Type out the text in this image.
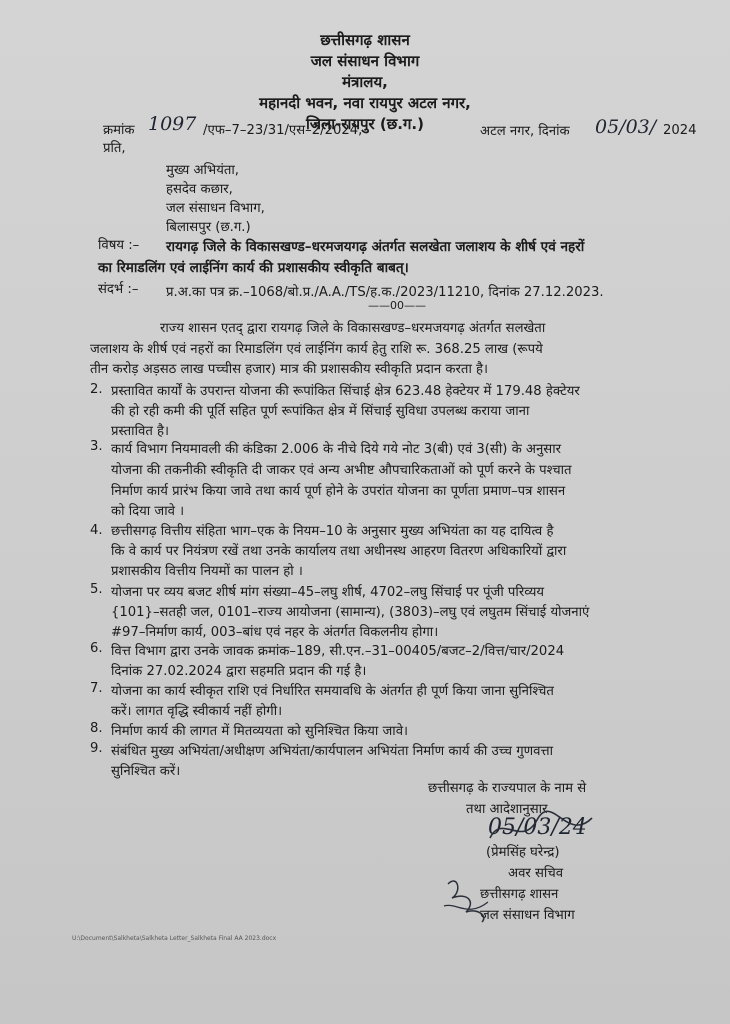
छत्तीसगढ़ शासन
जल संसाधन विभाग
मंत्रालय,
महानदी भवन, नवा रायपुर अटल नगर,
जिला-रायपुर (छ.ग.)
क्रमांक 1097 /एफ–7–23/31/एस–2/2024,	अटल नगर, दिनांक 05/03/ 2024
प्रति,
मुख्य अभियंता,
हसदेव कछार,
जल संसाधन विभाग,
बिलासपुर (छ.ग.)
विषय :– रायगढ़ जिले के विकासखण्ड–धरमजयगढ़ अंतर्गत सलखेता जलाशय के शीर्ष एवं नहरों
का रिमाडलिंग एवं लाईनिंग कार्य की प्रशासकीय स्वीकृति बाबत्।
संदर्भ :– प्र.अ.का पत्र क्र.–1068/बो.प्र./A.A./TS/ह.क./2023/11210, दिनांक 27.12.2023.
——00——
राज्य शासन एतद् द्वारा रायगढ़ जिले के विकासखण्ड–धरमजयगढ़ अंतर्गत सलखेता
जलाशय के शीर्ष एवं नहरों का रिमाडलिंग एवं लाईनिंग कार्य हेतु राशि रू. 368.25 लाख (रूपये
तीन करोड़ अड़सठ लाख पच्चीस हजार) मात्र की प्रशासकीय स्वीकृति प्रदान करता है।
2. प्रस्तावित कार्यों के उपरान्त योजना की रूपांकित सिंचाई क्षेत्र 623.48 हेक्टेयर में 179.48 हेक्टेयर
की हो रही कमी की पूर्ति सहित पूर्ण रूपांकित क्षेत्र में सिंचाई सुविधा उपलब्ध कराया जाना
प्रस्तावित है।
3. कार्य विभाग नियमावली की कंडिका 2.006 के नीचे दिये गये नोट 3(बी) एवं 3(सी) के अनुसार
योजना की तकनीकी स्वीकृति दी जाकर एवं अन्य अभीष्ट औपचारिकताओं को पूर्ण करने के पश्चात
निर्माण कार्य प्रारंभ किया जावे तथा कार्य पूर्ण होने के उपरांत योजना का पूर्णता प्रमाण–पत्र शासन
को दिया जावे ।
4. छत्तीसगढ़ वित्तीय संहिता भाग–एक के नियम–10 के अनुसार मुख्य अभियंता का यह दायित्व है
कि वे कार्य पर नियंत्रण रखें तथा उनके कार्यालय तथा अधीनस्थ आहरण वितरण अधिकारियों द्वारा
प्रशासकीय वित्तीय नियमों का पालन हो ।
5. योजना पर व्यय बजट शीर्ष मांग संख्या–45–लघु शीर्ष, 4702–लघु सिंचाई पर पूंजी परिव्यय
{101}–सतही जल, 0101–राज्य आयोजना (सामान्य), (3803)–लघु एवं लघुतम सिंचाई योजनाएं
#97–निर्माण कार्य, 003–बांध एवं नहर के अंतर्गत विकलनीय होगा।
6. वित्त विभाग द्वारा उनके जावक क्रमांक–189, सी.एन.–31–00405/बजट–2/वित्त/चार/2024
दिनांक 27.02.2024 द्वारा सहमति प्रदान की गई है।
7. योजना का कार्य स्वीकृत राशि एवं निर्धारित समयावधि के अंतर्गत ही पूर्ण किया जाना सुनिश्चित
करें। लागत वृद्धि स्वीकार्य नहीं होगी।
8. निर्माण कार्य की लागत में मितव्ययता को सुनिश्चित किया जावे।
9. संबंधित मुख्य अभियंता/अधीक्षण अभियंता/कार्यपालन अभियंता निर्माण कार्य की उच्च गुणवत्ता
सुनिश्चित करें।
छत्तीसगढ़ के राज्यपाल के नाम से
तथा आदेशानुसार
05/03/24
(प्रेमसिंह घरेन्द्र)
अवर सचिव
छत्तीसगढ़ शासन
जल संसाधन विभाग
U:\Document\Salkheta\Salkheta Letter_Salkheta Final AA 2023.docx
